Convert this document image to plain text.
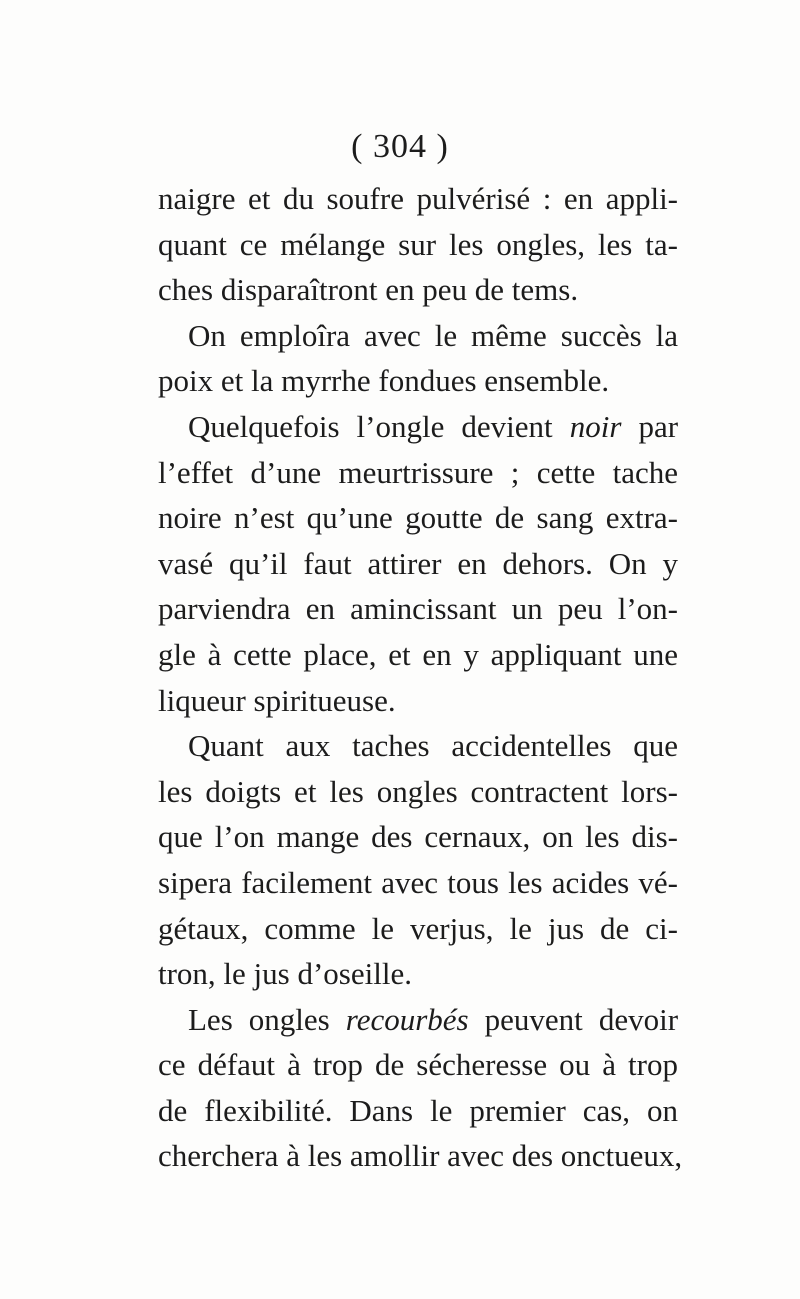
( 304 )
naigre et du soufre pulvérisé : en appli-
quant ce mélange sur les ongles, les ta-
ches disparaîtront en peu de tems.
On emploîra avec le même succès la
poix et la myrrhe fondues ensemble.
Quelquefois l’ongle devient noir par
l’effet d’une meurtrissure ; cette tache
noire n’est qu’une goutte de sang extra-
vasé qu’il faut attirer en dehors. On y
parviendra en amincissant un peu l’on-
gle à cette place, et en y appliquant une
liqueur spiritueuse.
Quant aux taches accidentelles que
les doigts et les ongles contractent lors-
que l’on mange des cernaux, on les dis-
sipera facilement avec tous les acides vé-
gétaux, comme le verjus, le jus de ci-
tron, le jus d’oseille.
Les ongles recourbés peuvent devoir
ce défaut à trop de sécheresse ou à trop
de flexibilité. Dans le premier cas, on
cherchera à les amollir avec des onctueux,
